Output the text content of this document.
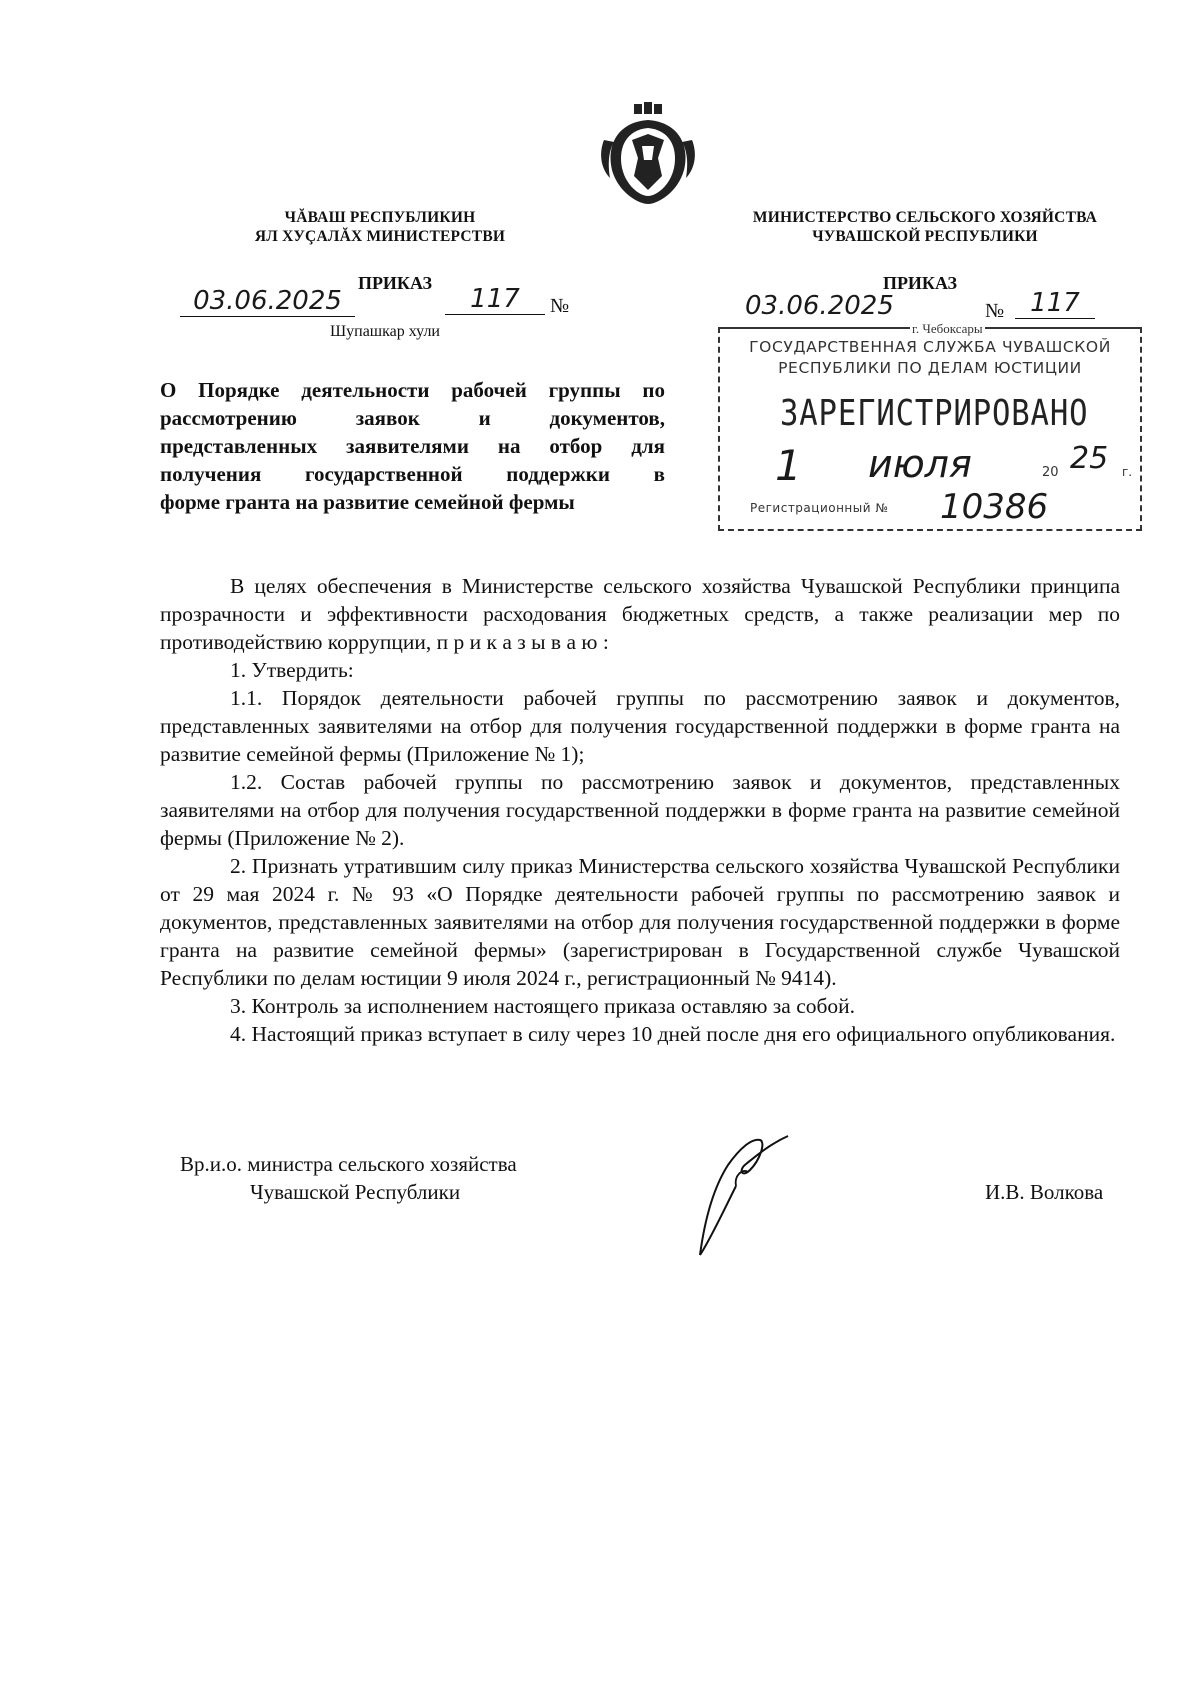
ЧĂВАШ РЕСПУБЛИКИН
ЯЛ ХУÇАЛĂХ МИНИСТЕРСТВИ
МИНИСТЕРСТВО СЕЛЬСКОГО ХОЗЯЙСТВА
ЧУВАШСКОЙ РЕСПУБЛИКИ
ПРИКАЗ
03.06.2025	117	№
Шупашкар хули
ПРИКАЗ
03.06.2025	№	117
г. Чебоксары
ГОСУДАРСТВЕННАЯ СЛУЖБА ЧУВАШСКОЙ
РЕСПУБЛИКИ ПО ДЕЛАМ ЮСТИЦИИ
ЗАРЕГИСТРИРОВАНО
1 июля	20 25 г.
Регистрационный № 10386
О Порядке деятельности рабочей группы по
рассмотрению заявок и документов,
представленных заявителями на отбор для
получения государственной поддержки в
форме гранта на развитие семейной фермы

В целях обеспечения в Министерстве сельского хозяйства Чувашской Республики принципа прозрачности и эффективности расходования бюджетных средств, а также реализации мер по противодействию коррупции, п р и к а з ы в а ю :

1. Утвердить:

1.1. Порядок деятельности рабочей группы по рассмотрению заявок и документов, представленных заявителями на отбор для получения государственной поддержки в форме гранта на развитие семейной фермы (Приложение № 1);

1.2. Состав рабочей группы по рассмотрению заявок и документов, представленных заявителями на отбор для получения государственной поддержки в форме гранта на развитие семейной фермы (Приложение № 2).

2. Признать утратившим силу приказ Министерства сельского хозяйства Чувашской Республики от 29 мая 2024 г. № 93 «О Порядке деятельности рабочей группы по рассмотрению заявок и документов, представленных заявителями на отбор для получения государственной поддержки в форме гранта на развитие семейной фермы» (зарегистрирован в Государственной службе Чувашской Республики по делам юстиции 9 июля 2024 г., регистрационный № 9414).

3. Контроль за исполнением настоящего приказа оставляю за собой.

4. Настоящий приказ вступает в силу через 10 дней после дня его официального опубликования.

Вр.и.о. министра сельского хозяйства
Чувашской Республики	И.В. Волкова
